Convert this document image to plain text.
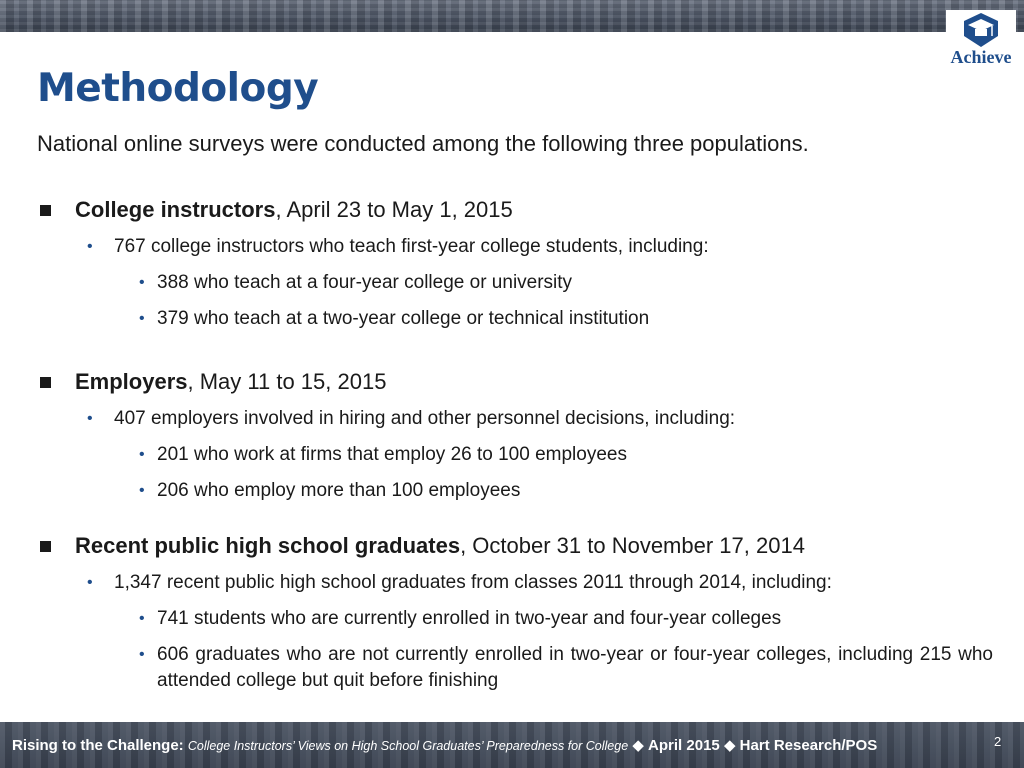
Achieve
Methodology

National online surveys were conducted among the following three populations.

College instructors, April 23 to May 1, 2015
• 767 college instructors who teach first-year college students, including:
• 388 who teach at a four-year college or university
• 379 who teach at a two-year college or technical institution
Employers, May 11 to 15, 2015
• 407 employers involved in hiring and other personnel decisions, including:
• 201 who work at firms that employ 26 to 100 employees
• 206 who employ more than 100 employees
Recent public high school graduates, October 31 to November 17, 2014
• 1,347 recent public high school graduates from classes 2011 through 2014, including:
• 741 students who are currently enrolled in two-year and four-year colleges
• 606 graduates who are not currently enrolled in two-year or four-year colleges, including 215 who attended college but quit before finishing
Rising to the Challenge: College Instructors’ Views on High School Graduates’ Preparedness for College ◆ April 2015 ◆ Hart Research/POS	2
